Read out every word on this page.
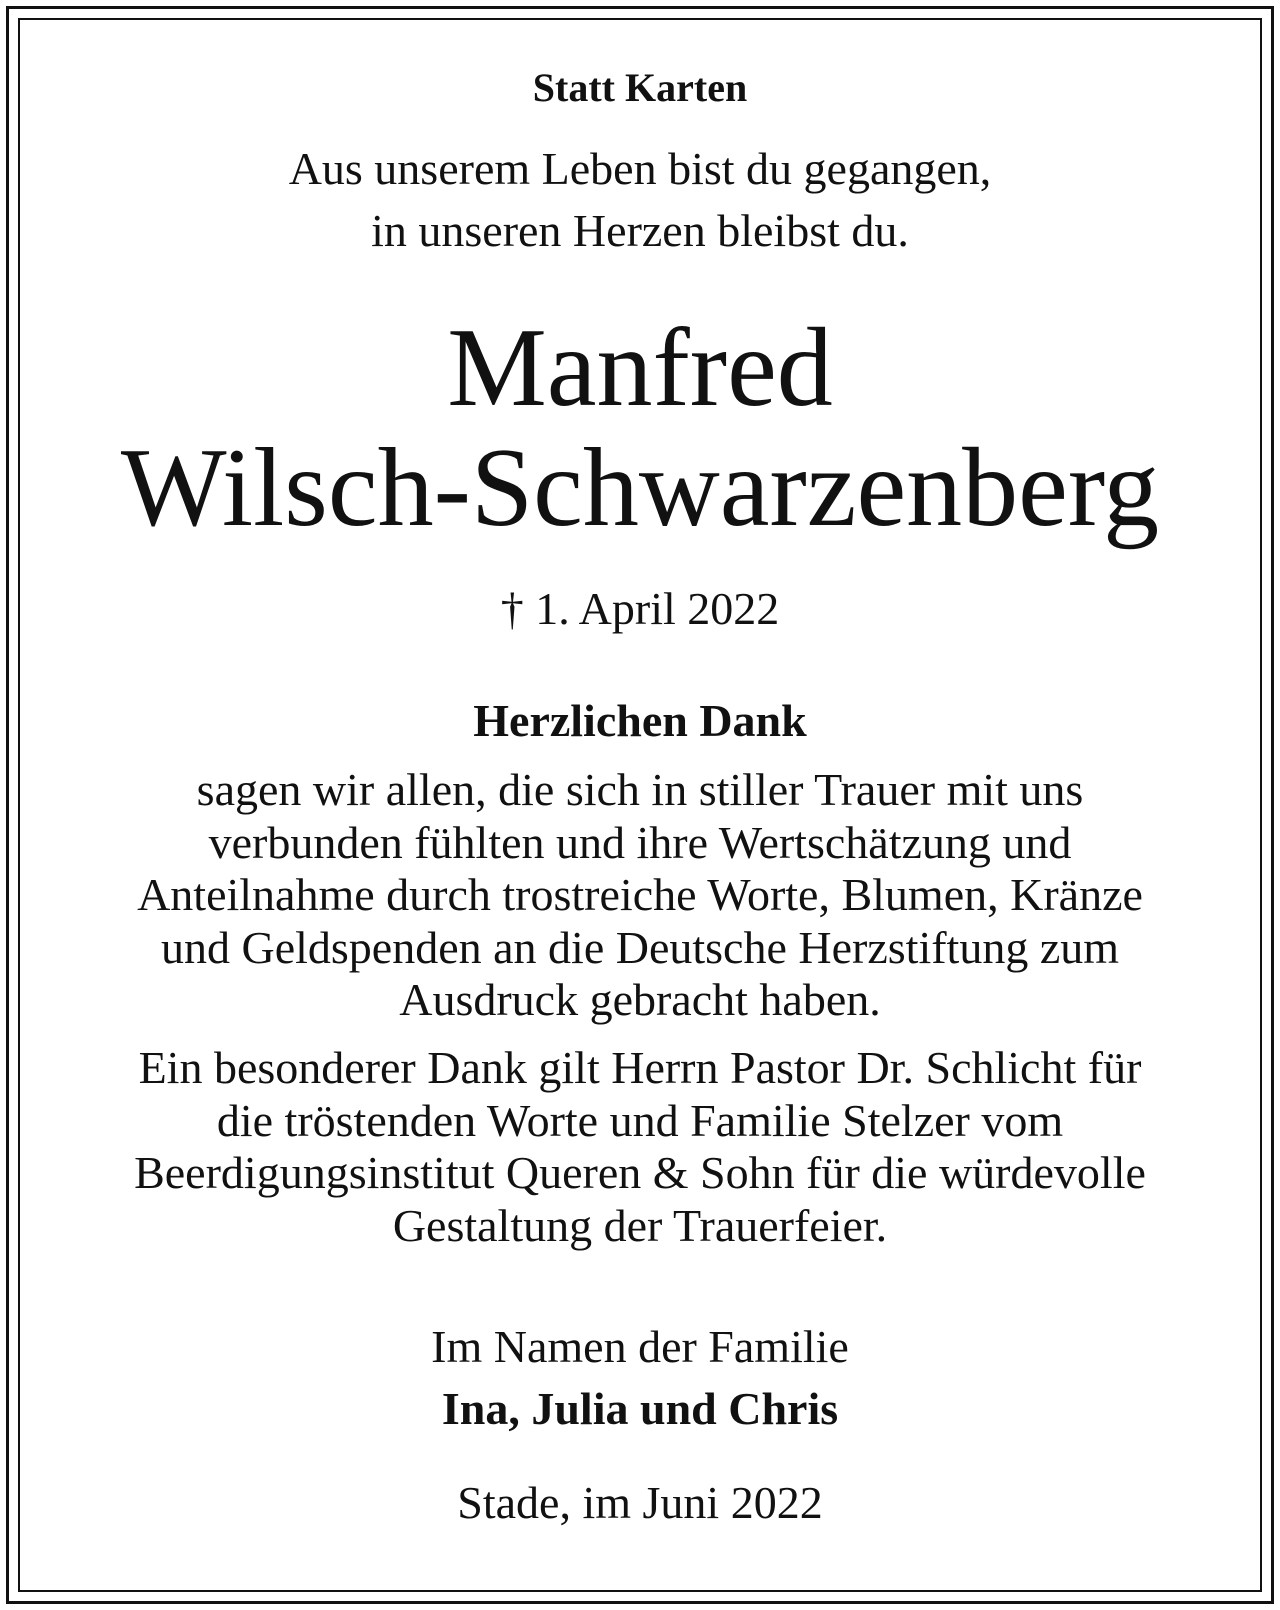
Statt Karten

Aus unserem Leben bist du gegangen,

in unseren Herzen bleibst du.

Manfred

Wilsch-Schwarzenberg

† 1. April 2022

Herzlichen Dank

sagen wir allen, die sich in stiller Trauer mit uns
verbunden fühlten und ihre Wertschätzung und
Anteilnahme durch trostreiche Worte, Blumen, Kränze
und Geldspenden an die Deutsche Herzstiftung zum
Ausdruck gebracht haben.
Ein besonderer Dank gilt Herrn Pastor Dr. Schlicht für
die tröstenden Worte und Familie Stelzer vom
Beerdigungsinstitut Queren & Sohn für die würdevolle
Gestaltung der Trauerfeier.

Im Namen der Familie

Ina, Julia und Chris

Stade, im Juni 2022
